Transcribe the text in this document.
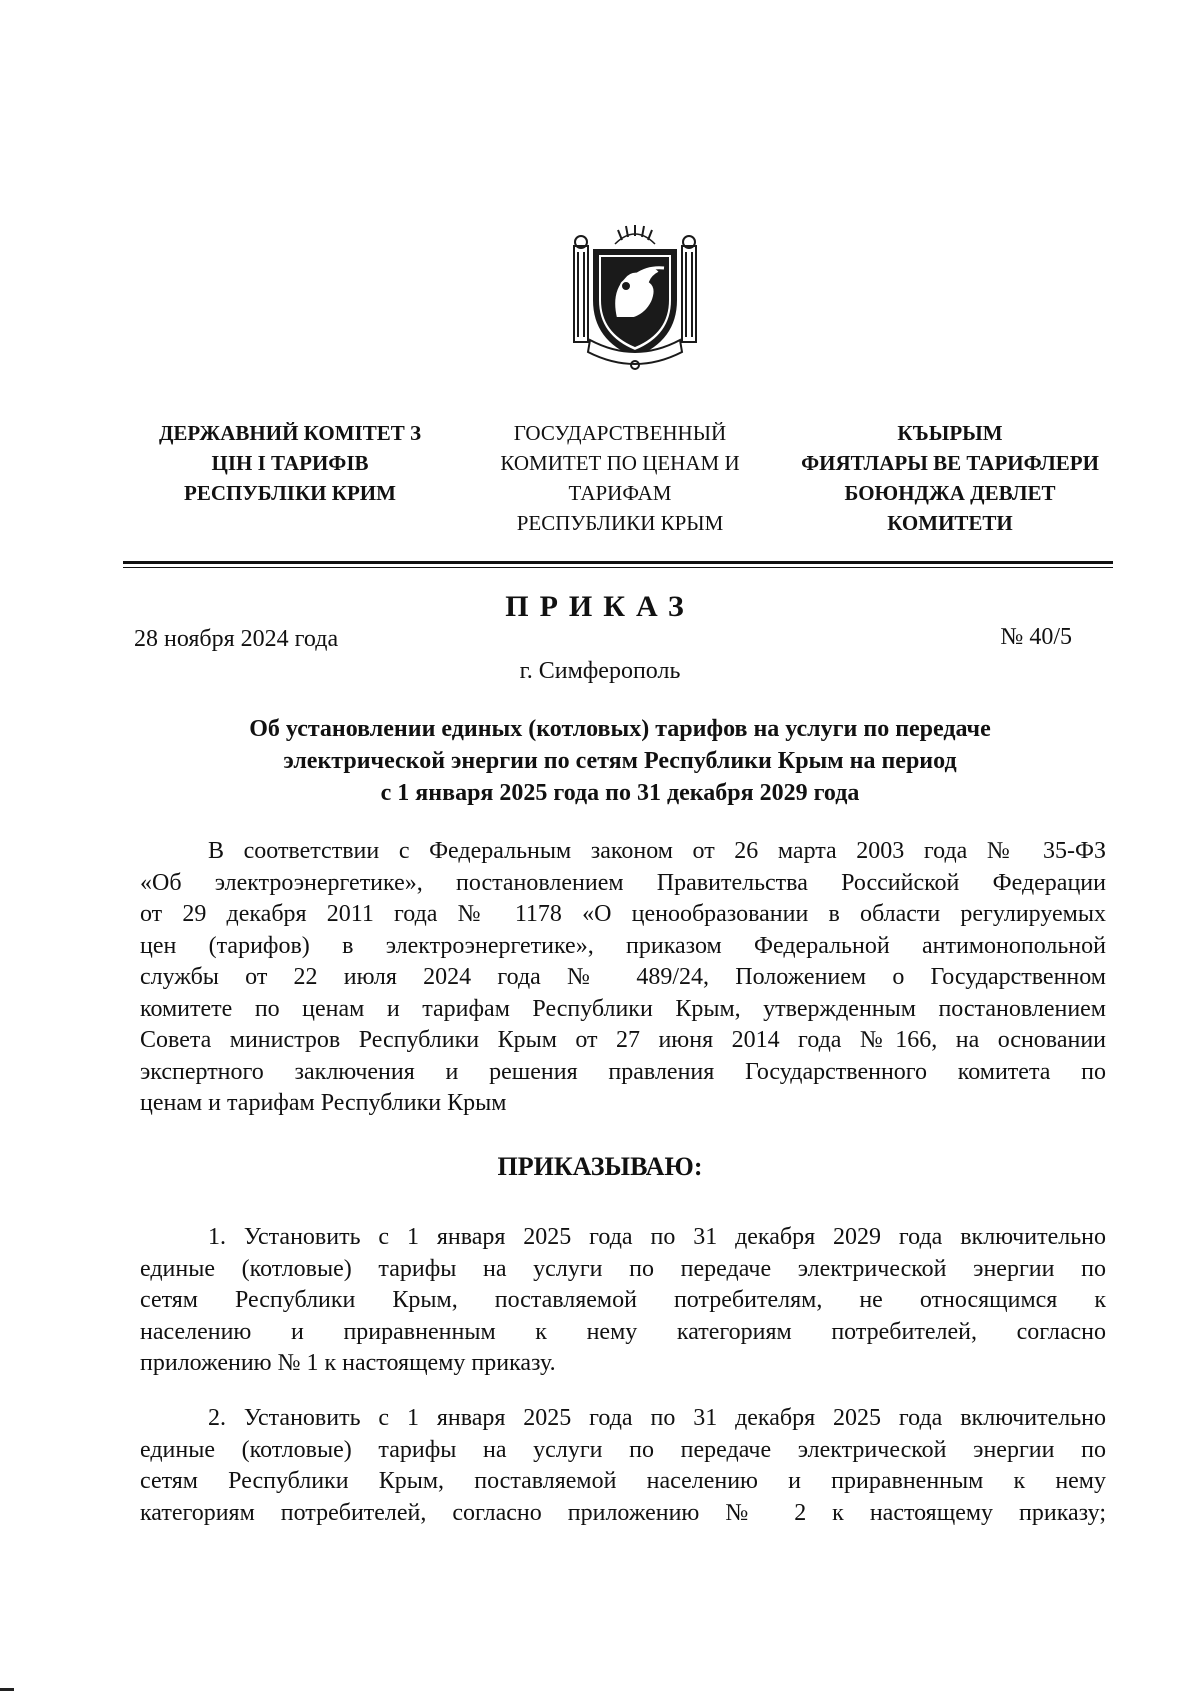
ДЕРЖАВНИЙ КОМІТЕТ З
ЦІН І ТАРИФІВ
РЕСПУБЛІКИ КРИМ
ГОСУДАРСТВЕННЫЙ
КОМИТЕТ ПО ЦЕНАМ И
ТАРИФАМ
РЕСПУБЛИКИ КРЫМ
КЪЫРЫМ
ФИЯТЛАРЫ ВЕ ТАРИФЛЕРИ
БОЮНДЖА ДЕВЛЕТ
КОМИТЕТИ
ПРИКАЗ
28 ноября 2024 года	№ 40/5
г. Симферополь
Об установлении единых (котловых) тарифов на услуги по передаче
электрической энергии по сетям Республики Крым на период
с 1 января 2025 года по 31 декабря 2029 года
В соответствии с Федеральным законом от 26 марта 2003 года № 35-ФЗ
«Об электроэнергетике», постановлением Правительства Российской Федерации
от 29 декабря 2011 года № 1178 «О ценообразовании в области регулируемых
цен (тарифов) в электроэнергетике», приказом Федеральной антимонопольной
службы от 22 июля 2024 года № 489/24, Положением о Государственном
комитете по ценам и тарифам Республики Крым, утвержденным постановлением
Совета министров Республики Крым от 27 июня 2014 года №166, на основании
экспертного заключения и решения правления Государственного комитета по
ценам и тарифам Республики Крым
ПРИКАЗЫВАЮ:
1. Установить с 1 января 2025 года по 31 декабря 2029 года включительно
единые (котловые) тарифы на услуги по передаче электрической энергии по
сетям Республики Крым, поставляемой потребителям, не относящимся к
населению и приравненным к нему категориям потребителей, согласно
приложению № 1 к настоящему приказу.
2. Установить с 1 января 2025 года по 31 декабря 2025 года включительно
единые (котловые) тарифы на услуги по передаче электрической энергии по
сетям Республики Крым, поставляемой населению и приравненным к нему
категориям потребителей, согласно приложению № 2 к настоящему приказу;
